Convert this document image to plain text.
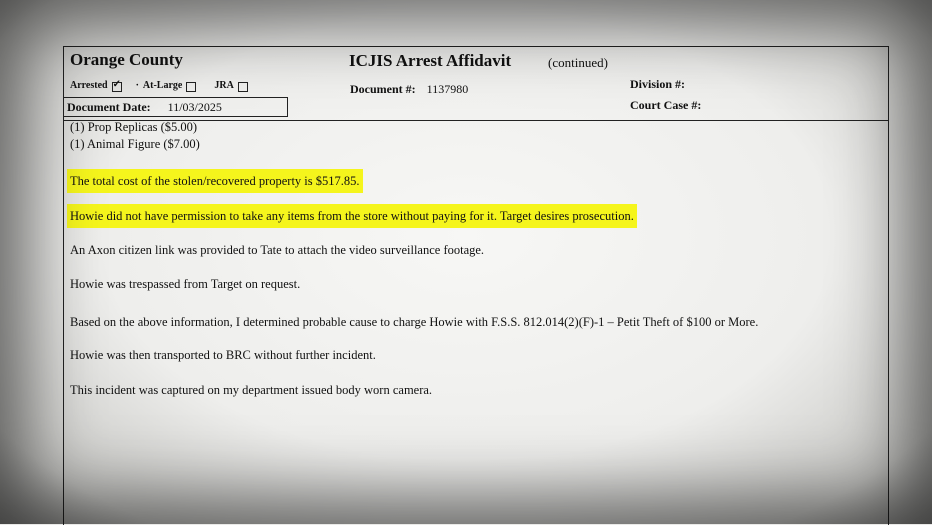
Orange County
Arrested
✓	· At-Large	JRA
Document Date: 11/03/2025
ICJIS Arrest Affidavit	(continued)
Document #: 1137980	Division #:
Court Case #:
(1) Prop Replicas ($5.00)
(1) Animal Figure ($7.00)
The total cost of the stolen/recovered property is $517.85.
Howie did not have permission to take any items from the store without paying for it. Target desires prosecution.
An Axon citizen link was provided to Tate to attach the video surveillance footage.
Howie was trespassed from Target on request.
Based on the above information, I determined probable cause to charge Howie with F.S.S. 812.014(2)(F)-1 – Petit Theft of $100 or More.
Howie was then transported to BRC without further incident.
This incident was captured on my department issued body worn camera.
